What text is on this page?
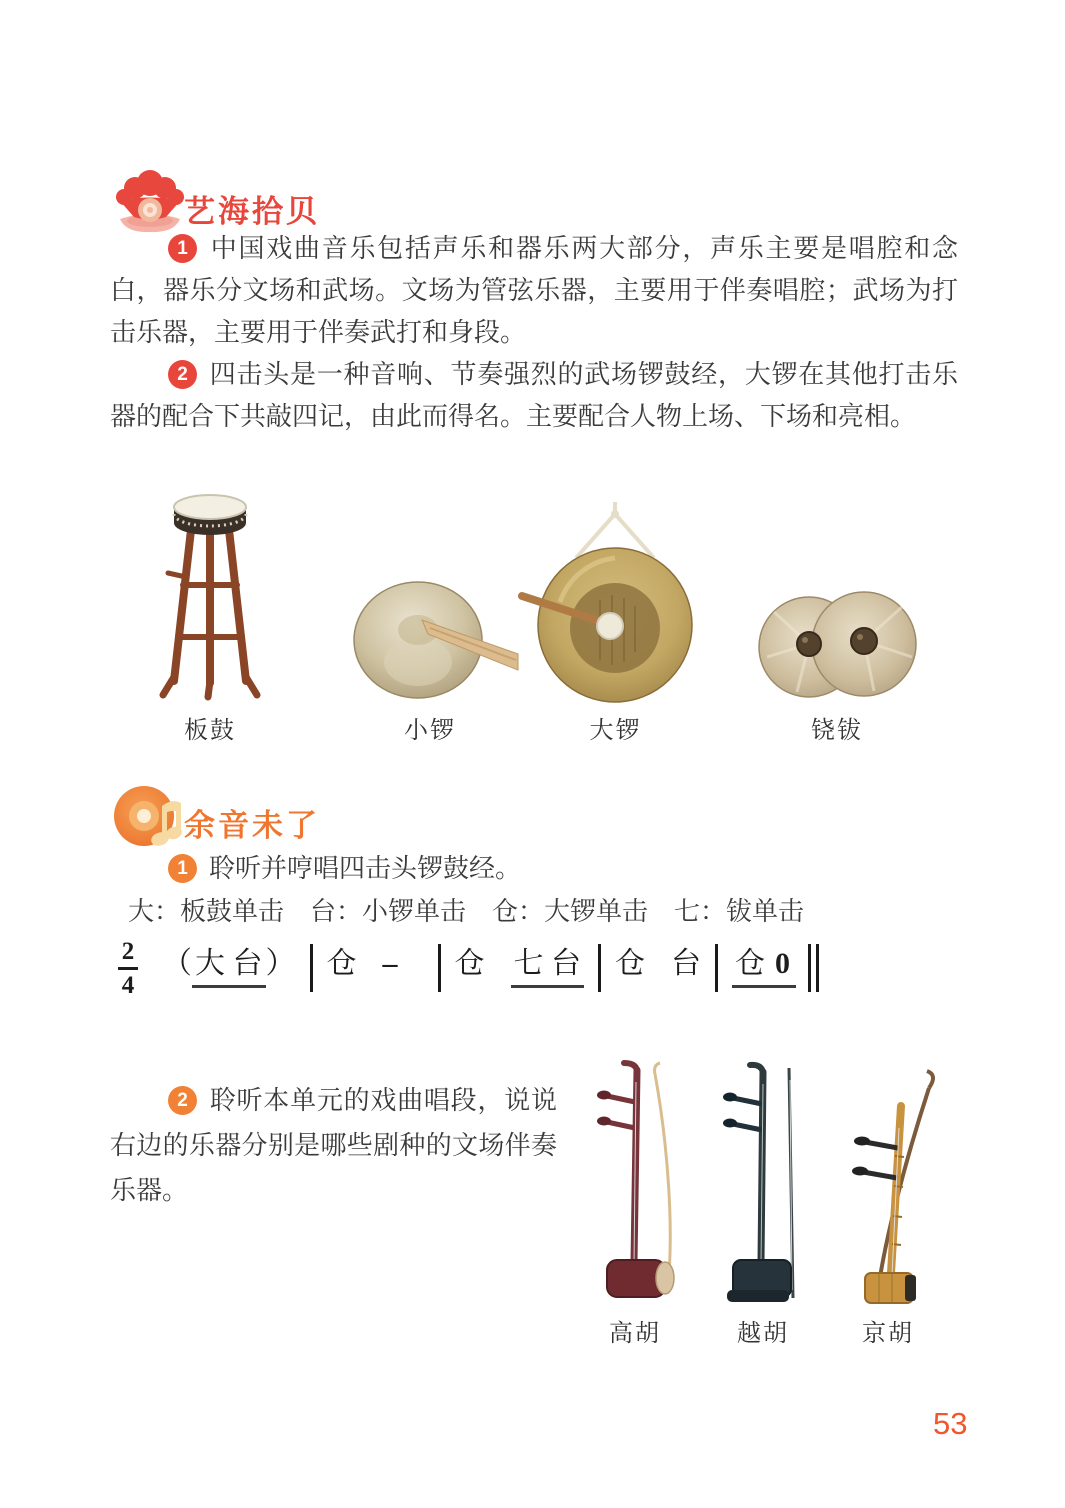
艺海拾贝

1 中国戏曲音乐包括声乐和器乐两大部分，声乐主要是唱腔和念白，器乐分文场和武场。文场为管弦乐器，主要用于伴奏唱腔；武场为打击乐器，主要用于伴奏武打和身段。

2 四击头是一种音响、节奏强烈的武场锣鼓经，大锣在其他打击乐器的配合下共敲四记，由此而得名。主要配合人物上场、下场和亮相。

板鼓	小锣	大锣	铙钹
余音未了
1 聆听并哼唱四击头锣鼓经。
大：板鼓单击　台：小锣单击　仓：大锣单击　七：钹单击
2
4
（ 大 台 ） 仓 – 仓 七 台 仓 台 仓 0

2 聆听本单元的戏曲唱段，说说右边的乐器分别是哪些剧种的文场伴奏乐器。

高胡	越胡	京胡
53
